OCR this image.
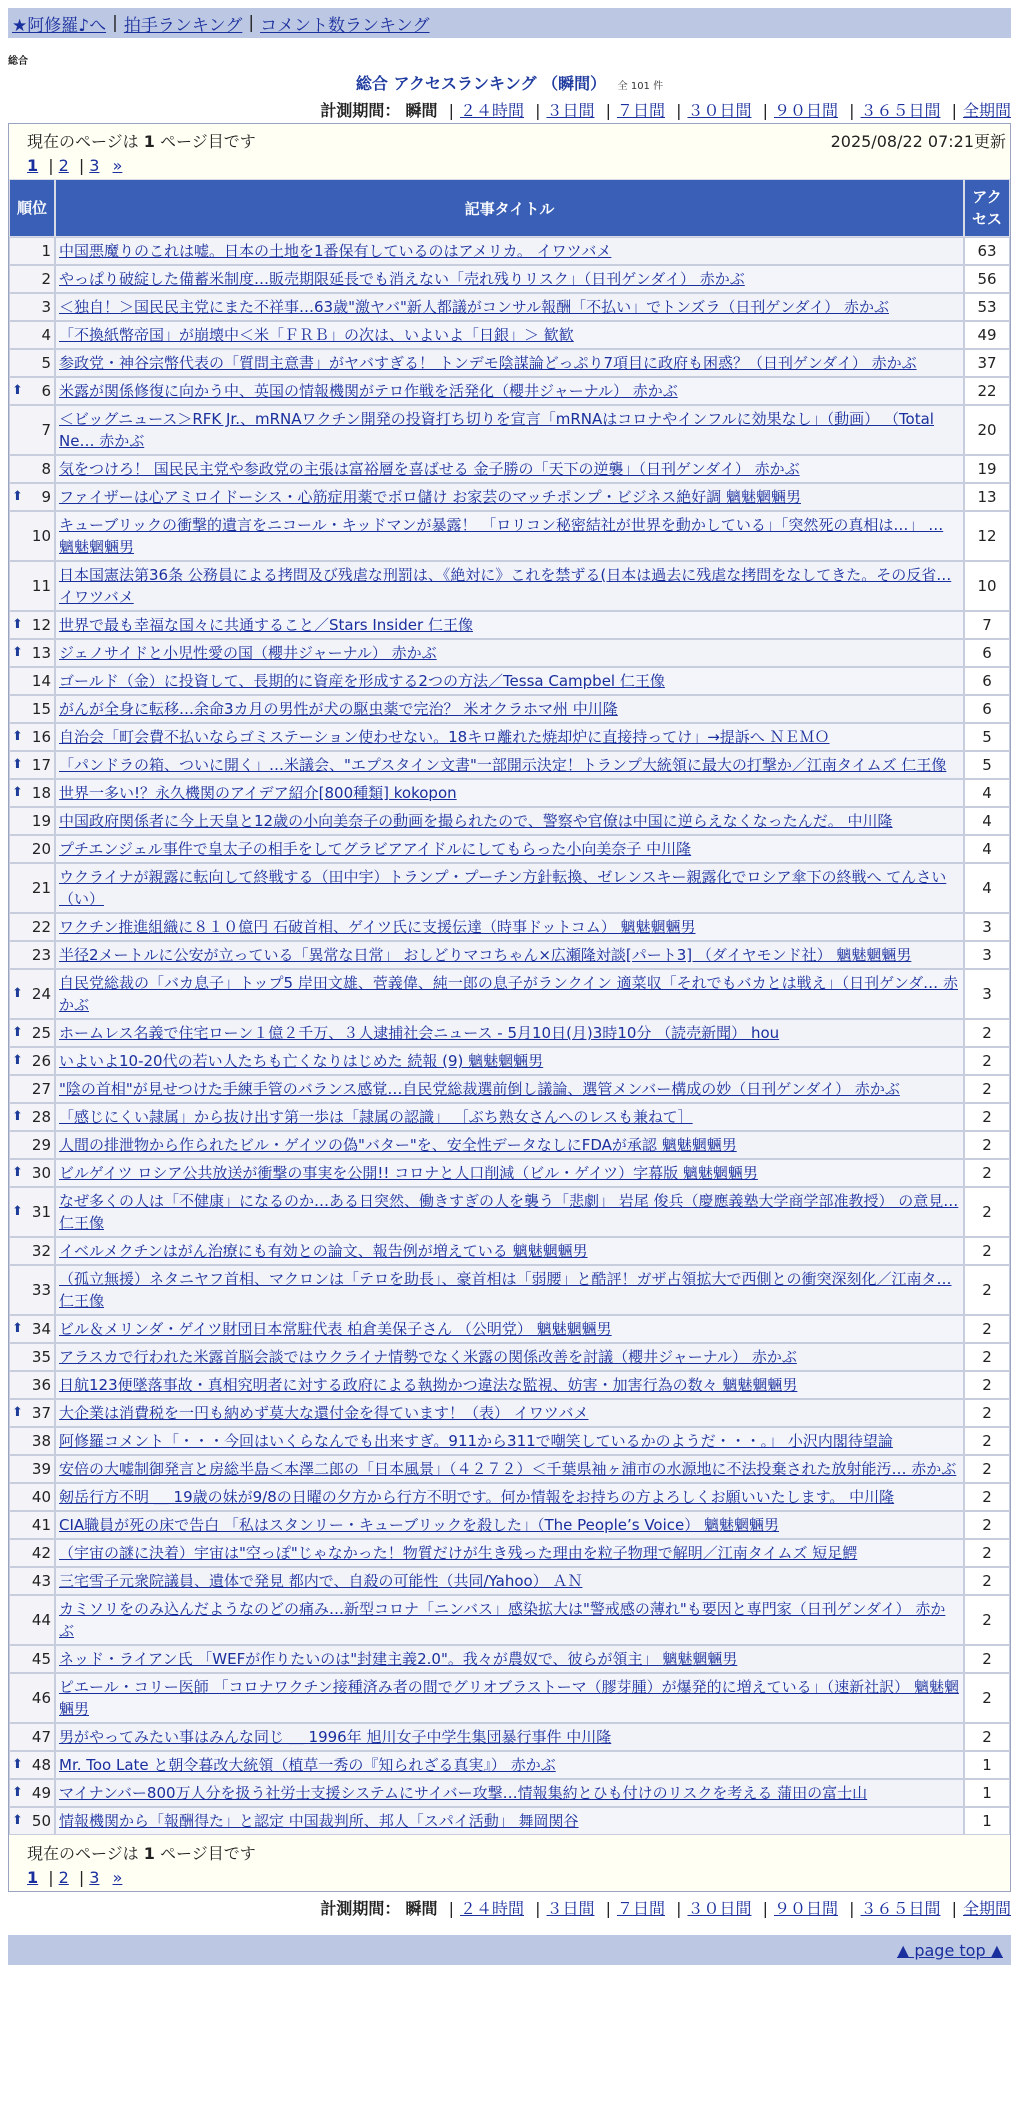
★阿修羅♪へ | 拍手ランキング | コメント数ランキング
総合
総合 アクセスランキング （瞬間） 全 101 件
計測期間： 瞬間 | ２４時間 | ３日間 | ７日間 | ３０日間 | ９０日間 | ３６５日間 | 全期間
現在のページは 1 ページ目です	2025/08/22 07:21更新
1 | 2 | 3 »
順位	記事タイトル	アクセス
1	中国悪魔りのこれは嘘。日本の土地を1番保有しているのはアメリカ。 イワツバメ	63
2	やっぱり破綻した備蓄米制度…販売期限延長でも消えない「売れ残りリスク」（日刊ゲンダイ） 赤かぶ	56
3	＜独自！＞国民民主党にまた不祥事…63歳"激ヤバ"新人都議がコンサル報酬「不払い」でトンズラ（日刊ゲンダイ） 赤かぶ	53
4	「不換紙幣帝国」が崩壊中＜米「ＦＲＢ」の次は、いよいよ「日銀」＞ 歓歓	49
5	参政党・神谷宗幣代表の「質問主意書」がヤバすぎる！ トンデモ陰謀論どっぷり7項目に政府も困惑？（日刊ゲンダイ） 赤かぶ	37

⬆ 6	米露が関係修復に向かう中、英国の情報機関がテロ作戦を活発化（櫻井ジャーナル） 赤かぶ	22
7	＜ビッグニュース＞RFK Jr.、mRNAワクチン開発の投資打ち切りを宣言「mRNAはコロナやインフルに効果なし」（動画） （Total Ne… 赤かぶ	20
8	気をつけろ！ 国民民主党や参政党の主張は富裕層を喜ばせる 金子勝の「天下の逆襲」（日刊ゲンダイ） 赤かぶ	19

⬆ 9	ファイザーは心アミロイドーシス・心筋症用薬でボロ儲け お家芸のマッチポンプ・ビジネス絶好調 魑魅魍魎男	13
10	キューブリックの衝撃的遺言をニコール・キッドマンが暴露！ 「ロリコン秘密結社が世界を動かしている」「突然死の真相は…」 … 魑魅魍魎男	12
11	日本国憲法第36条 公務員による拷問及び残虐な刑罰は、《絶対に》これを禁ずる(日本は過去に残虐な拷問をなしてきた。その反省… イワツバメ	10

⬆ 12	世界で最も幸福な国々に共通すること／Stars Insider 仁王像	7

⬆ 13	ジェノサイドと小児性愛の国（櫻井ジャーナル） 赤かぶ	6
14	ゴールド（金）に投資して、長期的に資産を形成する2つの方法／Tessa Campbel 仁王像	6
15	がんが全身に転移…余命3カ月の男性が犬の駆虫薬で完治？ 米オクラホマ州 中川隆	6

⬆ 16	自治会「町会費不払いならゴミステーション使わせない。18キロ離れた焼却炉に直接持ってけ」→提訴へ ＮＥＭＯ	5

⬆ 17	「パンドラの箱、ついに開く」…米議会、"エプスタイン文書"一部開示決定！トランプ大統領に最大の打撃か／江南タイムズ 仁王像	5

⬆ 18	世界一多い!？永久機関のアイデア紹介[800種類] kokopon	4
19	中国政府関係者に今上天皇と12歳の小向美奈子の動画を撮られたので、警察や官僚は中国に逆らえなくなったんだ。 中川隆	4
20	プチエンジェル事件で皇太子の相手をしてグラビアアイドルにしてもらった小向美奈子 中川隆	4
21	ウクライナが親露に転向して終戦する（田中宇）トランプ・プーチン方針転換、ゼレンスキー親露化でロシア傘下の終戦へ てんさい（い）	4
22	ワクチン推進組織に８１０億円 石破首相、ゲイツ氏に支援伝達（時事ドットコム） 魑魅魍魎男	3
23	半径2メートルに公安が立っている「異常な日常」 おしどりマコちゃん×広瀬隆対談[パート3] （ダイヤモンド社） 魑魅魍魎男	3

⬆ 24	自民党総裁の「バカ息子」トップ5 岸田文雄、菅義偉、純一郎の息子がランクイン 適菜収「それでもバカとは戦え」（日刊ゲンダ… 赤かぶ	3

⬆ 25	ホームレス名義で住宅ローン１億２千万、３人逮捕社会ニュース - 5月10日(月)3時10分 （読売新聞） hou	2

⬆ 26	いよいよ10-20代の若い人たちも亡くなりはじめた 続報 (9) 魑魅魍魎男	2
27	"陰の首相"が見せつけた手練手管のバランス感覚…自民党総裁選前倒し議論、選管メンバー構成の妙（日刊ゲンダイ） 赤かぶ	2

⬆ 28	「感じにくい隷属」から抜け出す第一歩は「隷属の認識」 ［ぶち熟女さんへのレスも兼ねて］	2
29	人間の排泄物から作られたビル・ゲイツの偽"バター"を、安全性データなしにFDAが承認 魑魅魍魎男	2

⬆ 30	ビルゲイツ ロシア公共放送が衝撃の事実を公開!! コロナと人口削減（ビル・ゲイツ）字幕版 魑魅魍魎男	2

⬆ 31	なぜ多くの人は「不健康」になるのか…ある日突然、働きすぎの人を襲う「悲劇」 岩尾 俊兵（慶應義塾大学商学部准教授） の意見… 仁王像	2
32	イベルメクチンはがん治療にも有効との論文、報告例が増えている 魑魅魍魎男	2
33	（孤立無援）ネタニヤフ首相、マクロンは「テロを助長」、豪首相は「弱腰」と酷評！ガザ占領拡大で西側との衝突深刻化／江南タ… 仁王像	2

⬆ 34	ビル＆メリンダ・ゲイツ財団日本常駐代表 柏倉美保子さん （公明党） 魑魅魍魎男	2
35	アラスカで行われた米露首脳会談ではウクライナ情勢でなく米露の関係改善を討議（櫻井ジャーナル） 赤かぶ	2
36	日航123便墜落事故・真相究明者に対する政府による執拗かつ違法な監視、妨害・加害行為の数々 魑魅魍魎男	2

⬆ 37	大企業は消費税を一円も納めず莫大な還付金を得ています！（表） イワツバメ	2
38	阿修羅コメント「・・・今回はいくらなんでも出来すぎ。911から311で嘲笑しているかのようだ・・・。」 小沢内閣待望論	2
39	安倍の大嘘制御発言と房総半島＜本澤二郎の「日本風景」（４２７２）＜千葉県袖ヶ浦市の水源地に不法投棄された放射能汚… 赤かぶ	2
40	剱岳行方不明 ＿ 19歳の妹が9/8の日曜の夕方から行方不明です。何か情報をお持ちの方よろしくお願いいたします。 中川隆	2
41	CIA職員が死の床で告白 「私はスタンリー・キューブリックを殺した」（The People’s Voice） 魑魅魍魎男	2
42	（宇宙の謎に決着）宇宙は"空っぽ"じゃなかった！物質だけが生き残った理由を粒子物理で解明／江南タイムズ 短足鰐	2
43	三宅雪子元衆院議員、遺体で発見 都内で、自殺の可能性（共同/Yahoo） ＡＮ	2
44	カミソリをのみ込んだようなのどの痛み…新型コロナ「ニンバス」感染拡大は"警戒感の薄れ"も要因と専門家（日刊ゲンダイ） 赤かぶ	2
45	ネッド・ライアン氏 「WEFが作りたいのは"封建主義2.0"。我々が農奴で、彼らが領主」 魑魅魍魎男	2
46	ピエール・コリー医師 「コロナワクチン接種済み者の間でグリオブラストーマ（膠芽腫）が爆発的に増えている」（速新社訳） 魑魅魍魎男	2
47	男がやってみたい事はみんな同じ ＿ 1996年 旭川女子中学生集団暴行事件 中川隆	2

⬆ 48	Mr. Too Late と朝令暮改大統領（植草一秀の『知られざる真実』） 赤かぶ	1

⬆ 49	マイナンバー800万人分を扱う社労士支援システムにサイバー攻撃…情報集約とひも付けのリスクを考える 蒲田の富士山	1

⬆ 50	情報機関から「報酬得た」と認定 中国裁判所、邦人「スパイ活動」 舞岡関谷	1
現在のページは 1 ページ目です
1 | 2 | 3 »
計測期間： 瞬間 | ２４時間 | ３日間 | ７日間 | ３０日間 | ９０日間 | ３６５日間 | 全期間
▲ page top ▲
